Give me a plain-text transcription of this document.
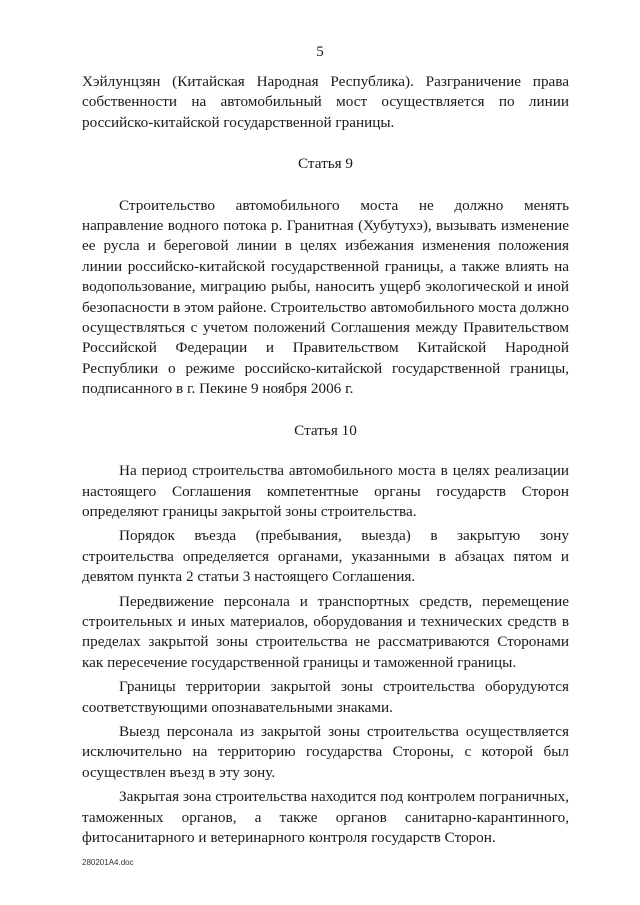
5

Хэйлунцзян (Китайская Народная Республика). Разграничение права собственности на автомобильный мост осуществляется по линии российско-китайской государственной границы.

Статья 9

Строительство автомобильного моста не должно менять направление водного потока р. Гранитная (Хубутухэ), вызывать изменение ее русла и береговой линии в целях избежания изменения положения линии российско-китайской государственной границы, а также влиять на водопользование, миграцию рыбы, наносить ущерб экологической и иной безопасности в этом районе. Строительство автомобильного моста должно осуществляться с учетом положений Соглашения между Правительством Российской Федерации и Правительством Китайской Народной Республики о режиме российско-китайской государственной границы, подписанного в г. Пекине 9 ноября 2006 г.

Статья 10

На период строительства автомобильного моста в целях реализации настоящего Соглашения компетентные органы государств Сторон определяют границы закрытой зоны строительства.

Порядок въезда (пребывания, выезда) в закрытую зону строительства определяется органами, указанными в абзацах пятом и девятом пункта 2 статьи 3 настоящего Соглашения.

Передвижение персонала и транспортных средств, перемещение строительных и иных материалов, оборудования и технических средств в пределах закрытой зоны строительства не рассматриваются Сторонами как пересечение государственной границы и таможенной границы.

Границы территории закрытой зоны строительства оборудуются соответствующими опознавательными знаками.

Выезд персонала из закрытой зоны строительства осуществляется исключительно на территорию государства Стороны, с которой был осуществлен въезд в эту зону.

Закрытая зона строительства находится под контролем пограничных, таможенных органов, а также органов санитарно-карантинного, фитосанитарного и ветеринарного контроля государств Сторон.

280201A4.doc
